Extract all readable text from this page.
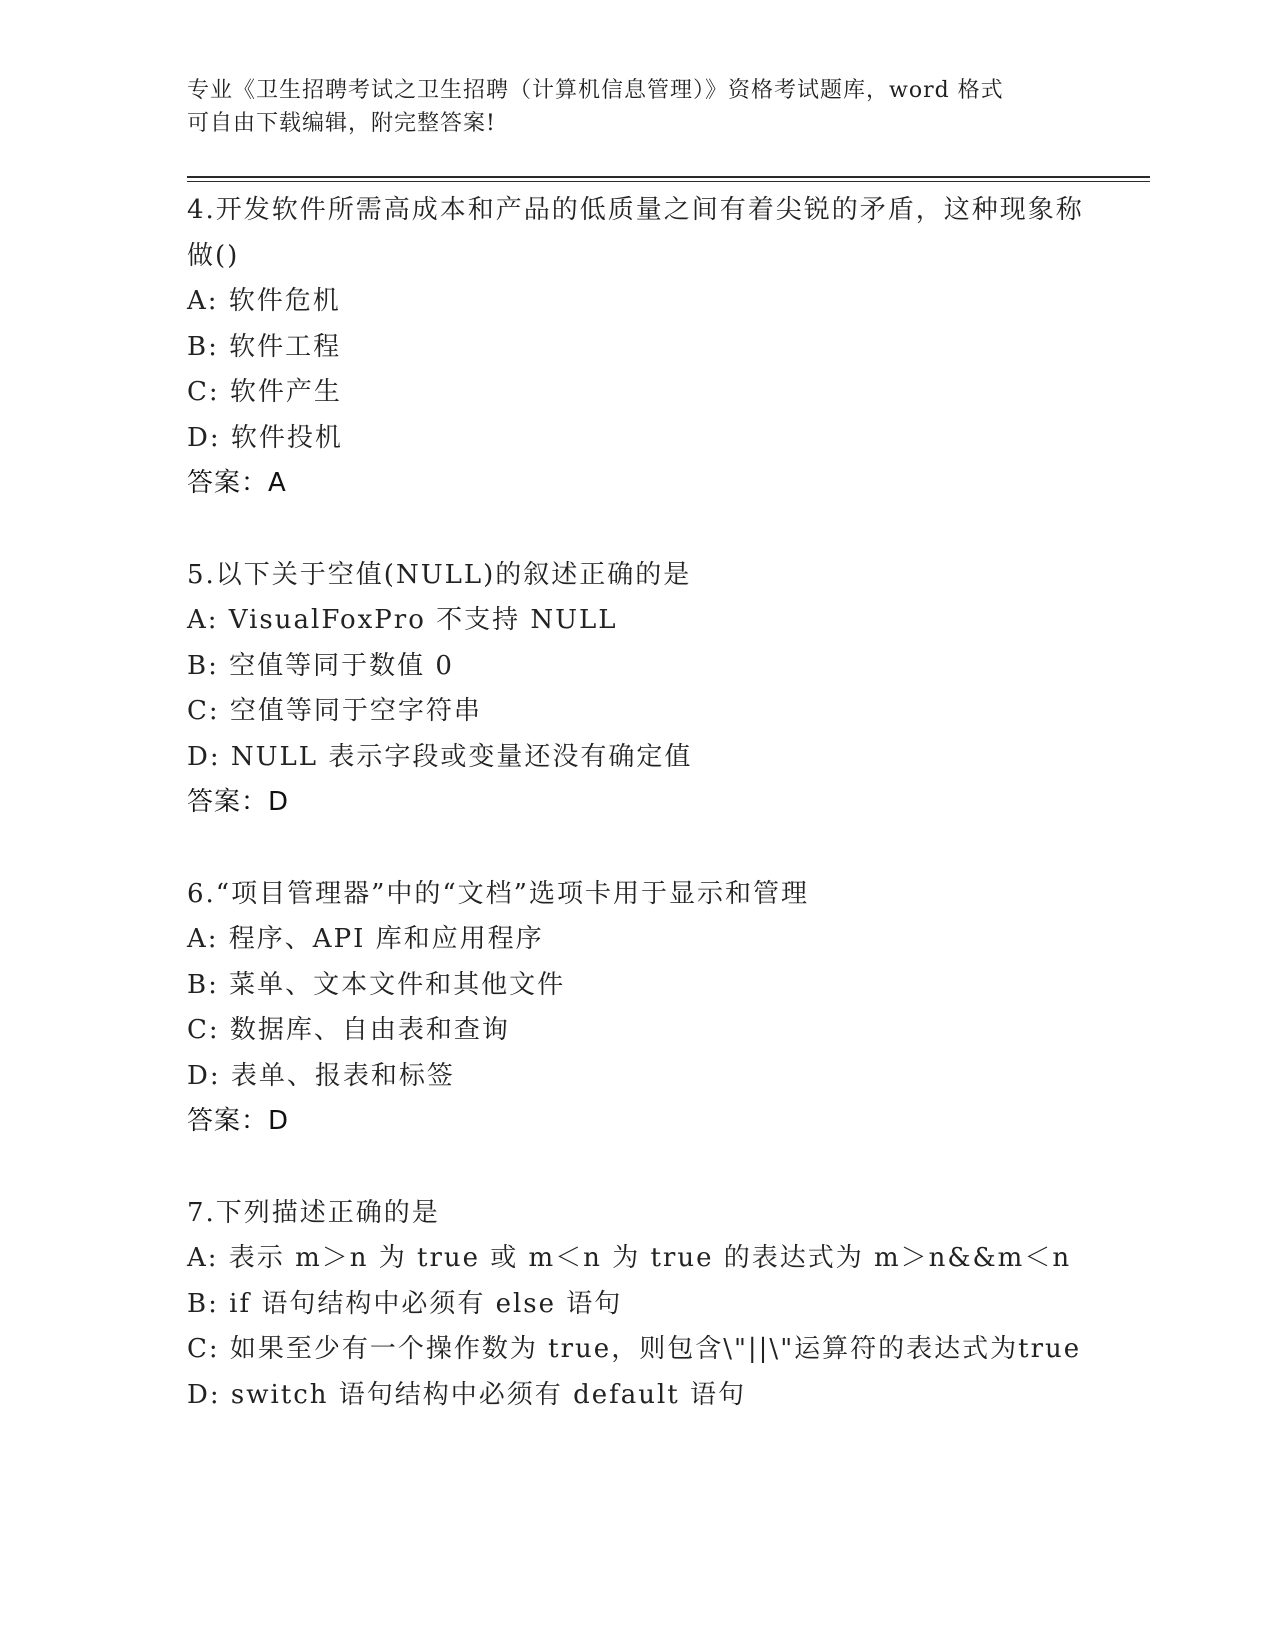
专业《卫生招聘考试之卫生招聘（计算机信息管理）》资格考试题库，word 格式
可自由下载编辑，附完整答案!
4.开发软件所需高成本和产品的低质量之间有着尖锐的矛盾，这种现象称做()
A: 软件危机
B: 软件工程
C: 软件产生
D: 软件投机
答案：A
5.以下关于空值(NULL)的叙述正确的是
A: VisualFoxPro 不支持 NULL
B: 空值等同于数值 0
C: 空值等同于空字符串
D: NULL 表示字段或变量还没有确定值
答案：D
6.“项目管理器”中的“文档”选项卡用于显示和管理
A: 程序、API 库和应用程序
B: 菜单、文本文件和其他文件
C: 数据库、自由表和查询
D: 表单、报表和标签
答案：D
7.下列描述正确的是
A: 表示 m＞n 为 true 或 m＜n 为 true 的表达式为 m＞n&&m＜n
B: if 语句结构中必须有 else 语句
C: 如果至少有一个操作数为 true，则包含\"||\"运算符的表达式为true
D: switch 语句结构中必须有 default 语句
